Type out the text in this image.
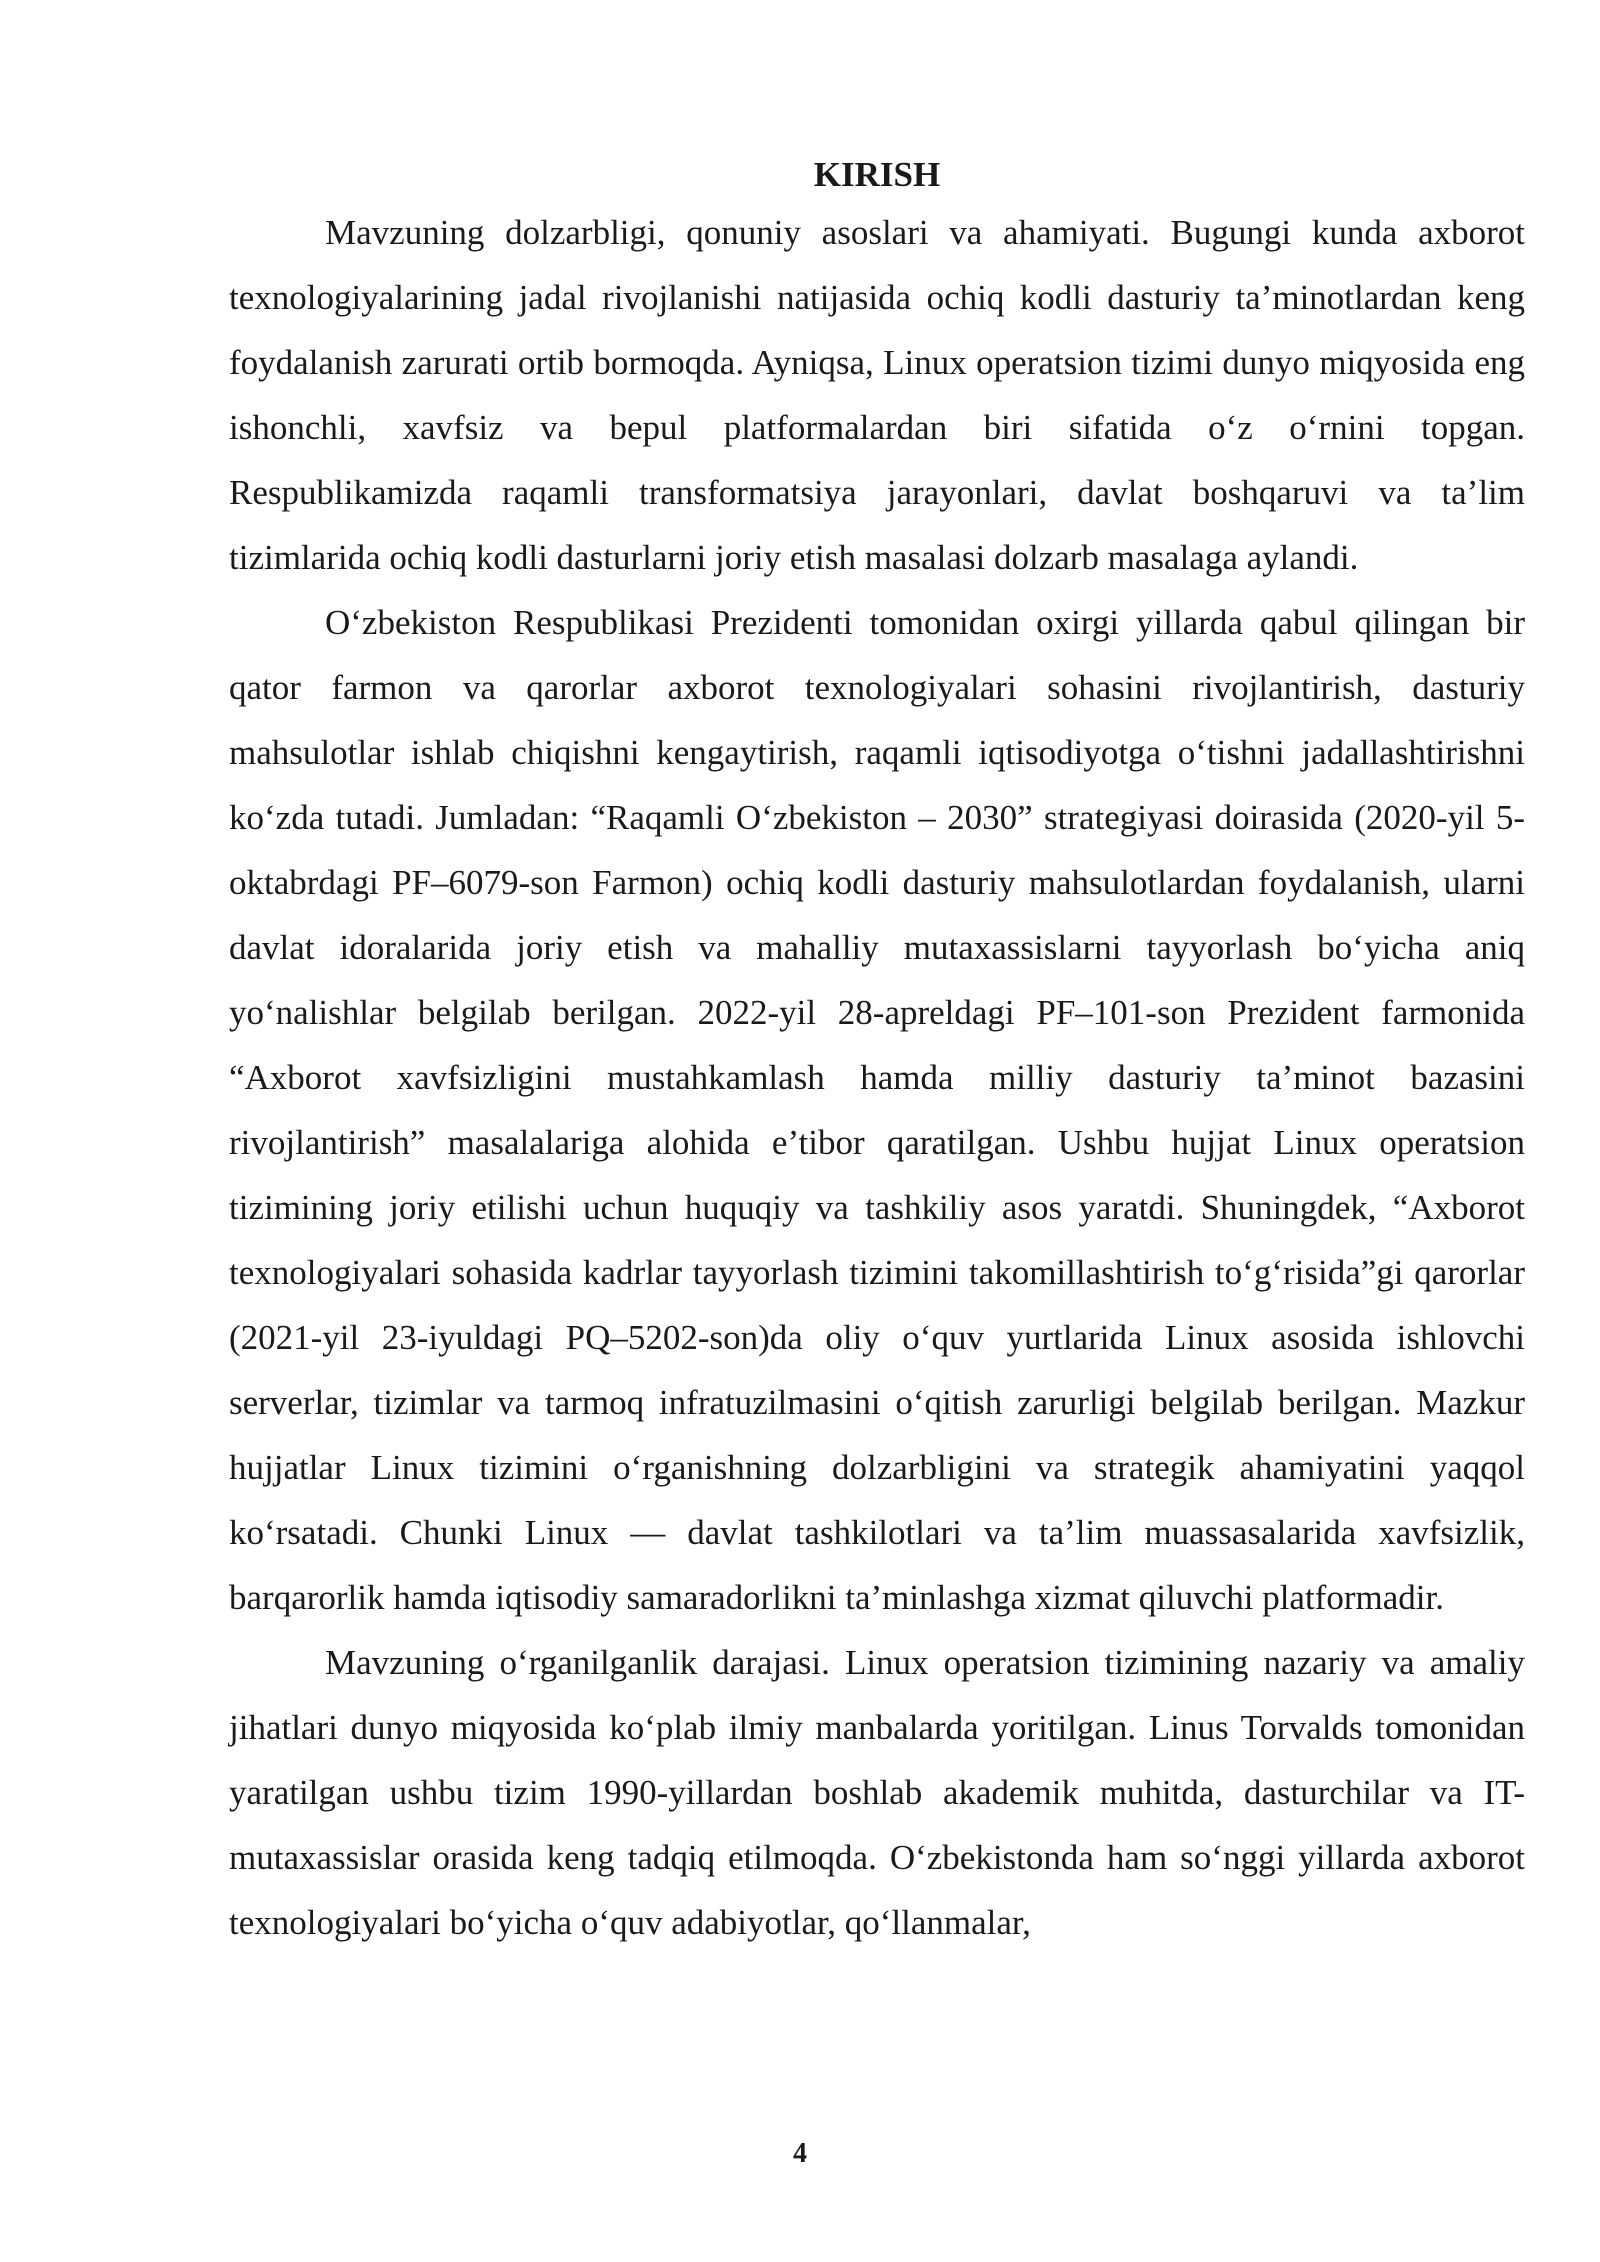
KIRISH

Mavzuning dolzarbligi, qonuniy asoslari va ahamiyati. Bugungi kunda axborot texnologiyalarining jadal rivojlanishi natijasida ochiq kodli dasturiy ta’minotlardan keng foydalanish zarurati ortib bormoqda. Ayniqsa, Linux operatsion tizimi dunyo miqyosida eng ishonchli, xavfsiz va bepul platformalardan biri sifatida o‘z o‘rnini topgan. Respublikamizda raqamli transformatsiya jarayonlari, davlat boshqaruvi va ta’lim tizimlarida ochiq kodli dasturlarni joriy etish masalasi dolzarb masalaga aylandi.

O‘zbekiston Respublikasi Prezidenti tomonidan oxirgi yillarda qabul qilingan bir qator farmon va qarorlar axborot texnologiyalari sohasini rivojlantirish, dasturiy mahsulotlar ishlab chiqishni kengaytirish, raqamli iqtisodiyotga o‘tishni jadallashtirishni ko‘zda tutadi. Jumladan: “Raqamli O‘zbekiston – 2030” strategiyasi doirasida (2020-yil 5-oktabrdagi PF–6079-son Farmon) ochiq kodli dasturiy mahsulotlardan foydalanish, ularni davlat idoralarida joriy etish va mahalliy mutaxassislarni tayyorlash bo‘yicha aniq yo‘nalishlar belgilab berilgan. 2022-yil 28-apreldagi PF–101-son Prezident farmonida “Axborot xavfsizligini mustahkamlash hamda milliy dasturiy ta’minot bazasini rivojlantirish” masalalariga alohida e’tibor qaratilgan. Ushbu hujjat Linux operatsion tizimining joriy etilishi uchun huquqiy va tashkiliy asos yaratdi. Shuningdek, “Axborot texnologiyalari sohasida kadrlar tayyorlash tizimini takomillashtirish to‘g‘risida”gi qarorlar (2021-yil 23-iyuldagi PQ–5202-son)da oliy o‘quv yurtlarida Linux asosida ishlovchi serverlar, tizimlar va tarmoq infratuzilmasini o‘qitish zarurligi belgilab berilgan. Mazkur hujjatlar Linux tizimini o‘rganishning dolzarbligini va strategik ahamiyatini yaqqol ko‘rsatadi. Chunki Linux — davlat tashkilotlari va ta’lim muassasalarida xavfsizlik, barqarorlik hamda iqtisodiy samaradorlikni ta’minlashga xizmat qiluvchi platformadir.

Mavzuning o‘rganilganlik darajasi. Linux operatsion tizimining nazariy va amaliy jihatlari dunyo miqyosida ko‘plab ilmiy manbalarda yoritilgan. Linus Torvalds tomonidan yaratilgan ushbu tizim 1990-yillardan boshlab akademik muhitda, dasturchilar va IT-mutaxassislar orasida keng tadqiq etilmoqda. O‘zbekistonda ham so‘nggi yillarda axborot texnologiyalari bo‘yicha o‘quv adabiyotlar, qo‘llanmalar,

4
